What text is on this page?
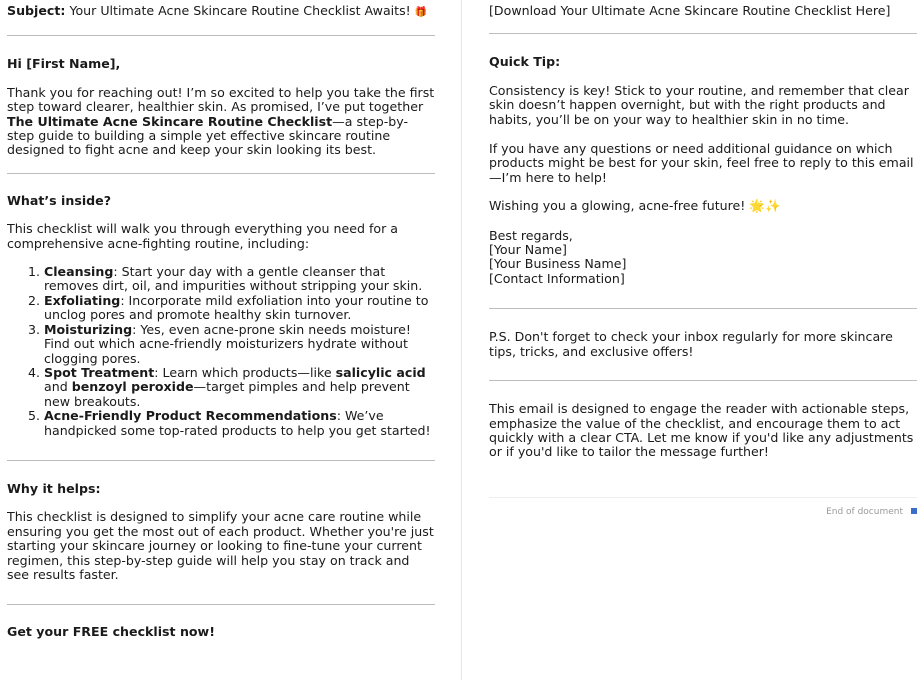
Subject: Your Ultimate Acne Skincare Routine Checklist Awaits! 🎁

Hi [First Name],

Thank you for reaching out! I’m so excited to help you take the first step toward clearer, healthier skin. As promised, I’ve put together The Ultimate Acne Skincare Routine Checklist—a step-by-step guide to building a simple yet effective skincare routine designed to fight acne and keep your skin looking its best.

What’s inside?

This checklist will walk you through everything you need for a comprehensive acne-fighting routine, including:

1. Cleansing: Start your day with a gentle cleanser that removes dirt, oil, and impurities without stripping your skin.
2. Exfoliating: Incorporate mild exfoliation into your routine to unclog pores and promote healthy skin turnover.
3. Moisturizing: Yes, even acne-prone skin needs moisture! Find out which acne-friendly moisturizers hydrate without clogging pores.
4. Spot Treatment: Learn which products—like salicylic acid and benzoyl peroxide—target pimples and help prevent new breakouts.
5. Acne-Friendly Product Recommendations: We’ve handpicked some top-rated products to help you get started!
Why it helps:

This checklist is designed to simplify your acne care routine while ensuring you get the most out of each product. Whether you're just starting your skincare journey or looking to fine-tune your current regimen, this step-by-step guide will help you stay on track and see results faster.

Get your FREE checklist now!

[Download Your Ultimate Acne Skincare Routine Checklist Here]

Quick Tip:

Consistency is key! Stick to your routine, and remember that clear skin doesn’t happen overnight, but with the right products and habits, you’ll be on your way to healthier skin in no time.

If you have any questions or need additional guidance on which products might be best for your skin, feel free to reply to this email—I’m here to help!

Wishing you a glowing, acne-free future! 🌟✨

Best regards,
[Your Name]
[Your Business Name]
[Contact Information]

P.S. Don't forget to check your inbox regularly for more skincare tips, tricks, and exclusive offers!

This email is designed to engage the reader with actionable steps, emphasize the value of the checklist, and encourage them to act quickly with a clear CTA. Let me know if you'd like any adjustments or if you'd like to tailor the message further!

End of document
